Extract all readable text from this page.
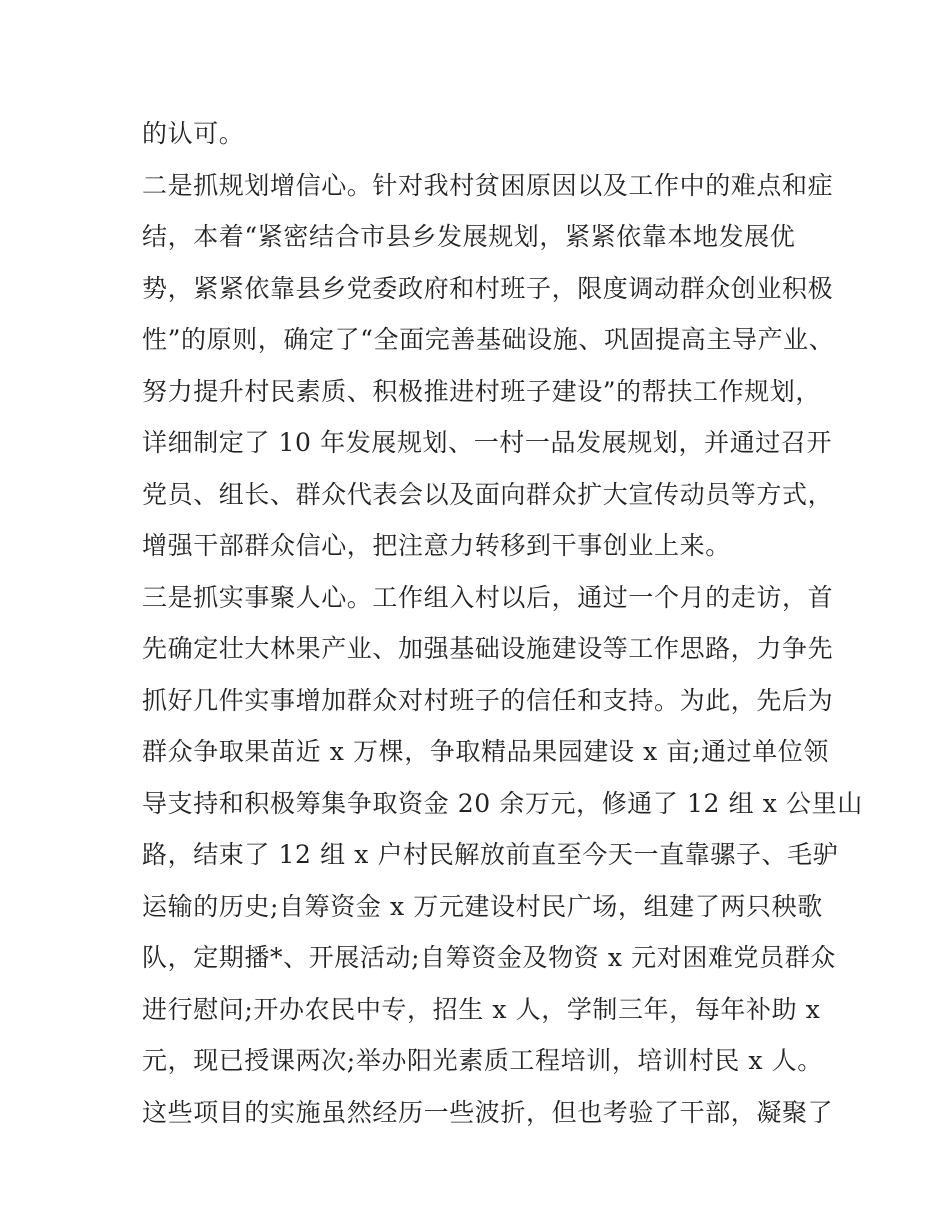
的认可。
二是抓规划增信心。针对我村贫困原因以及工作中的难点和症
结，本着“紧密结合市县乡发展规划，紧紧依靠本地发展优
势，紧紧依靠县乡党委政府和村班子，限度调动群众创业积极
性”的原则，确定了“全面完善基础设施、巩固提高主导产业、
努力提升村民素质、积极推进村班子建设”的帮扶工作规划，
详细制定了 10 年发展规划、一村一品发展规划，并通过召开
党员、组长、群众代表会以及面向群众扩大宣传动员等方式，
增强干部群众信心，把注意力转移到干事创业上来。
三是抓实事聚人心。工作组入村以后，通过一个月的走访，首
先确定壮大林果产业、加强基础设施建设等工作思路，力争先
抓好几件实事增加群众对村班子的信任和支持。为此，先后为
群众争取果苗近 x 万棵，争取精品果园建设 x 亩;通过单位领
导支持和积极筹集争取资金 20 余万元，修通了 12 组 x 公里山
路，结束了 12 组 x 户村民解放前直至今天一直靠骡子、毛驴
运输的历史;自筹资金 x 万元建设村民广场，组建了两只秧歌
队，定期播*、开展活动;自筹资金及物资 x 元对困难党员群众
进行慰问;开办农民中专，招生 x 人，学制三年，每年补助 x
元，现已授课两次;举办阳光素质工程培训，培训村民 x 人。
这些项目的实施虽然经历一些波折，但也考验了干部，凝聚了
